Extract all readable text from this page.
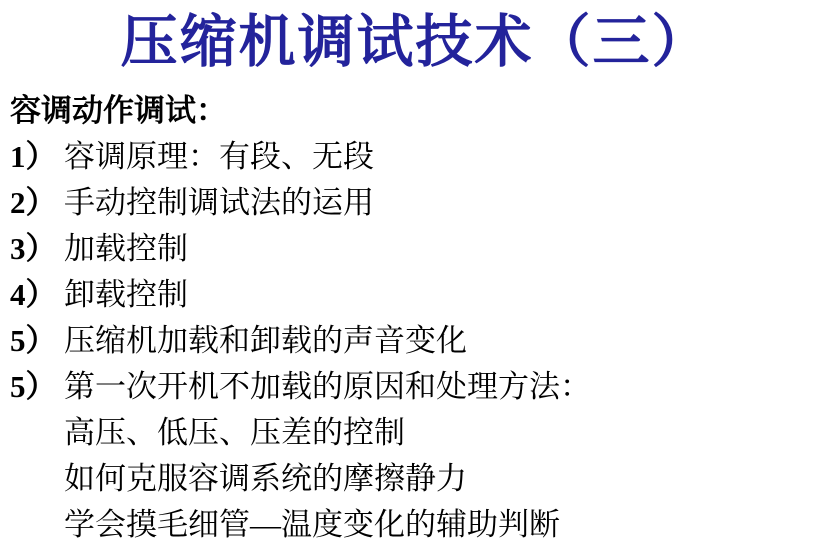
压缩机调试技术（三）
容调动作调试：
1） 容调原理：有段、无段
2） 手动控制调试法的运用
3） 加载控制
4） 卸载控制
5） 压缩机加载和卸载的声音变化
5） 第一次开机不加载的原因和处理方法：
高压、低压、压差的控制
如何克服容调系统的摩擦静力
学会摸毛细管—温度变化的辅助判断
